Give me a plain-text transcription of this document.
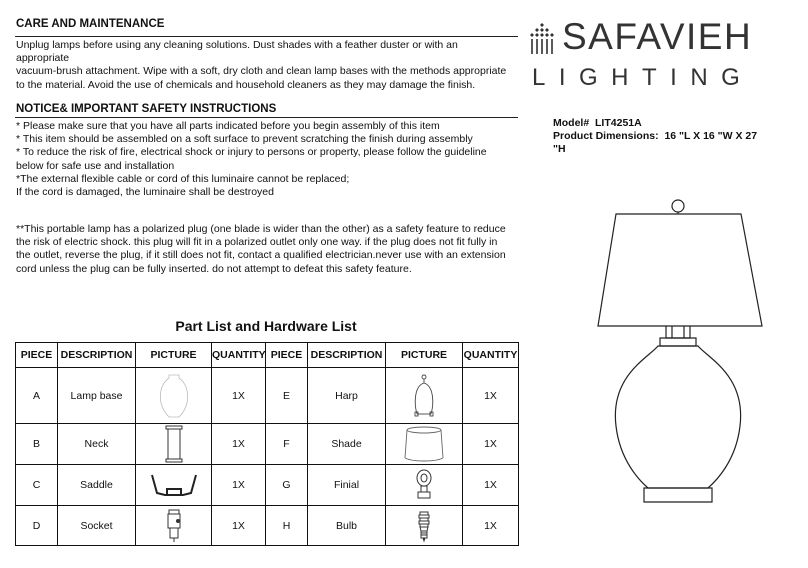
CARE AND MAINTENANCE
Unplug lamps before using any cleaning solutions. Dust shades with a feather duster or with an
appropriate
vacuum-brush attachment. Wipe with a soft, dry cloth and clean lamp bases with the methods appropriate
to the material. Avoid the use of chemicals and household cleaners as they may damage the finish.
NOTICE& IMPORTANT SAFETY INSTRUCTIONS
* Please make sure that you have all parts indicated before you begin assembly of this item
* This item should be assembled on a soft surface to prevent scratching the finish during assembly
* To reduce the risk of fire, electrical shock or injury to persons or property, please follow the guideline
below for safe use and installation
*The external flexible cable or cord of this luminaire cannot be replaced;
If the cord is damaged, the luminaire shall be destroyed
**This portable lamp has a polarized plug (one blade is wider than the other) as a safety feature to reduce
the risk of electric shock. this plug will fit in a polarized outlet only one way. if the plug does not fit fully in
the outlet, reverse the plug, if it still does not fit, contact a qualified electrician.never use with an extension
cord unless the plug can be fully inserted. do not attempt to defeat this safety feature.
SAFAVIEH
LIGHTING
Model# LIT4251A
Product Dimensions: 16 "L X 16 "W X 27
"H
Part List and Hardware List
PIECE	DESCRIPTION	PICTURE	QUANTITY	PIECE	DESCRIPTION	PICTURE	QUANTITY
A	Lamp base		1X	E	Harp		1X
B	Neck		1X	F	Shade		1X
C	Saddle		1X	G	Finial		1X
D	Socket		1X	H	Bulb		1X
